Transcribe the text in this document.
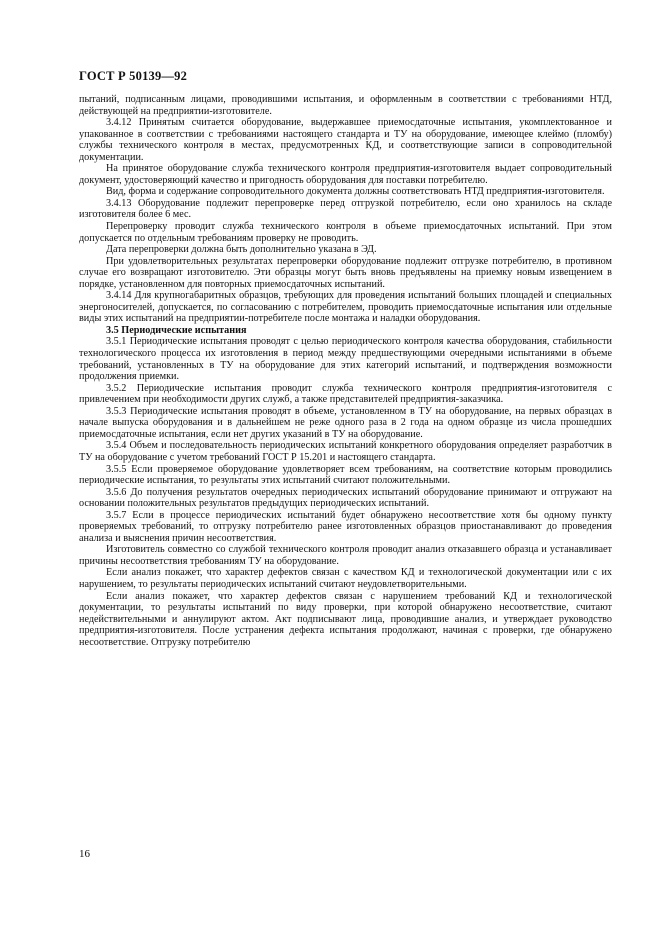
ГОСТ Р 50139—92

пытаний, подписанным лицами, проводившими испытания, и оформленным в соответствии с требованиями НТД, действующей на предприятии-изготовителе.

3.4.12 Принятым считается оборудование, выдержавшее приемосдаточные испытания, укомплектованное и упакованное в соответствии с требованиями настоящего стандарта и ТУ на оборудование, имеющее клеймо (пломбу) службы технического контроля в местах, предусмотренных КД, и соответствующие записи в сопроводительной документации.

На принятое оборудование служба технического контроля предприятия-изготовителя выдает сопроводительный документ, удостоверяющий качество и пригодность оборудования для поставки потребителю.

Вид, форма и содержание сопроводительного документа должны соответствовать НТД предприятия-изготовителя.

3.4.13 Оборудование подлежит перепроверке перед отгрузкой потребителю, если оно хранилось на складе изготовителя более 6 мес.

Перепроверку проводит служба технического контроля в объеме приемосдаточных испытаний. При этом допускается по отдельным требованиям проверку не проводить.

Дата перепроверки должна быть дополнительно указана в ЭД.

При удовлетворительных результатах перепроверки оборудование подлежит отгрузке потребителю, в противном случае его возвращают изготовителю. Эти образцы могут быть вновь предъявлены на приемку новым извещением в порядке, установленном для повторных приемосдаточных испытаний.

3.4.14 Для крупногабаритных образцов, требующих для проведения испытаний больших площадей и специальных энергоносителей, допускается, по согласованию с потребителем, проводить приемосдаточные испытания или отдельные виды этих испытаний на предприятии-потребителе после монтажа и наладки оборудования.

3.5 Периодические испытания

3.5.1 Периодические испытания проводят с целью периодического контроля качества оборудования, стабильности технологического процесса их изготовления в период между предшествующими очередными испытаниями в объеме требований, установленных в ТУ на оборудование для этих категорий испытаний, и подтверждения возможности продолжения приемки.

3.5.2 Периодические испытания проводит служба технического контроля предприятия-изготовителя с привлечением при необходимости других служб, а также представителей предприятия-заказчика.

3.5.3 Периодические испытания проводят в объеме, установленном в ТУ на оборудование, на первых образцах в начале выпуска оборудования и в дальнейшем не реже одного раза в 2 года на одном образце из числа прошедших приемосдаточные испытания, если нет других указаний в ТУ на оборудование.

3.5.4 Объем и последовательность периодических испытаний конкретного оборудования определяет разработчик в ТУ на оборудование с учетом требований ГОСТ Р 15.201 и настоящего стандарта.

3.5.5 Если проверяемое оборудование удовлетворяет всем требованиям, на соответствие которым проводились периодические испытания, то результаты этих испытаний считают положительными.

3.5.6 До получения результатов очередных периодических испытаний оборудование принимают и отгружают на основании положительных результатов предыдущих периодических испытаний.

3.5.7 Если в процессе периодических испытаний будет обнаружено несоответствие хотя бы одному пункту проверяемых требований, то отгрузку потребителю ранее изготовленных образцов приостанавливают до проведения анализа и выяснения причин несоответствия.

Изготовитель совместно со службой технического контроля проводит анализ отказавшего образца и устанавливает причины несоответствия требованиям ТУ на оборудование.

Если анализ покажет, что характер дефектов связан с качеством КД и технологической документации или с их нарушением, то результаты периодических испытаний считают неудовлетворительными.

Если анализ покажет, что характер дефектов связан с нарушением требований КД и технологической документации, то результаты испытаний по виду проверки, при которой обнаружено несоответствие, считают недействительными и аннулируют актом. Акт подписывают лица, проводившие анализ, и утверждает руководство предприятия-изготовителя. После устранения дефекта испытания продолжают, начиная с проверки, где обнаружено несоответствие. Отгрузку потребителю

16
